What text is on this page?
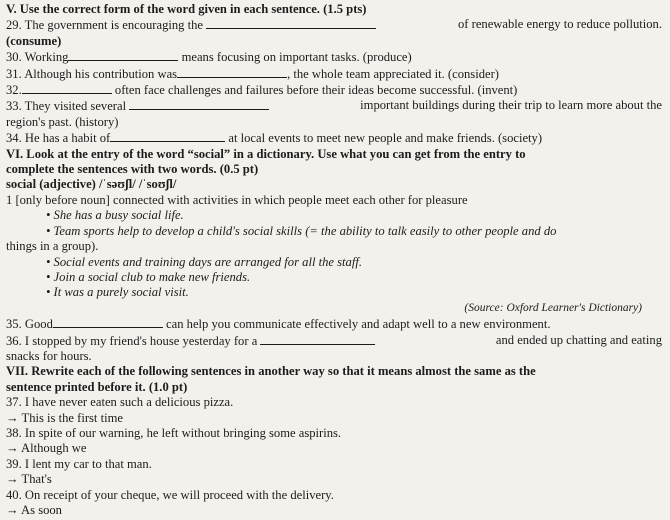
V. Use the correct form of the word given in each sentence. (1.5 pts)
29. The government is encouraging the	of renewable energy to reduce pollution.
(consume)
30. Working	means focusing on important tasks. (produce)
31. Although his contribution was	, the whole team appreciated it. (consider)
32.	often face challenges and failures before their ideas become successful. (invent)
33. They visited several	important buildings during their trip to learn more about the
region's past. (history)
34. He has a habit of	at local events to meet new people and make friends. (society)
VI. Look at the entry of the word “social” in a dictionary. Use what you can get from the entry to
complete the sentences with two words. (0.5 pt)
social (adjective) /ˈsəʊʃl/ /ˈsoʊʃl/
1 [only before noun] connected with activities in which people meet each other for pleasure
• She has a busy social life.
• Team sports help to develop a child's social skills (= the ability to talk easily to other people and do
things in a group).
• Social events and training days are arranged for all the staff.
• Join a social club to make new friends.
• It was a purely social visit.
(Source: Oxford Learner's Dictionary)
35. Good	can help you communicate effectively and adapt well to a new environment.
36. I stopped by my friend's house yesterday for a	and ended up chatting and eating
snacks for hours.
VII. Rewrite each of the following sentences in another way so that it means almost the same as the
sentence printed before it. (1.0 pt)
37. I have never eaten such a delicious pizza.
→ This is the first time
38. In spite of our warning, he left without bringing some aspirins.
→ Although we
39. I lent my car to that man.
→ That's
40. On receipt of your cheque, we will proceed with the delivery.
→ As soon
